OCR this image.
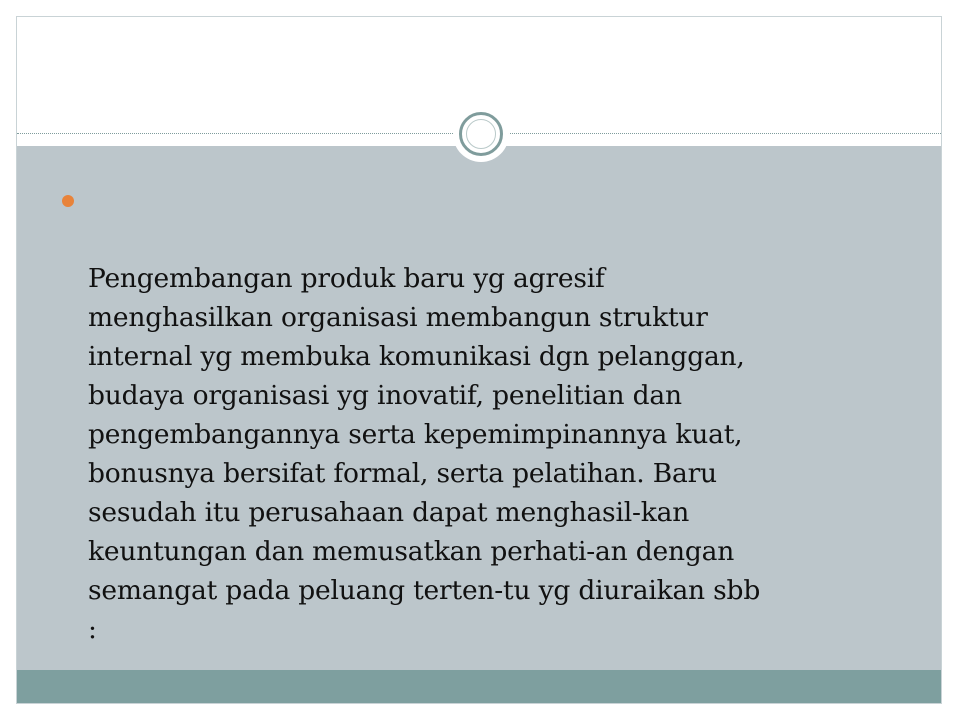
Pengembangan produk baru yg agresif
menghasilkan organisasi membangun struktur
internal yg membuka komunikasi dgn pelanggan,
budaya organisasi yg inovatif, penelitian dan
pengembangannya serta kepemimpinannya kuat,
bonusnya bersifat formal, serta pelatihan. Baru
sesudah itu perusahaan dapat menghasil-kan
keuntungan dan memusatkan perhati-an dengan
semangat pada peluang terten-tu yg diuraikan sbb
:
